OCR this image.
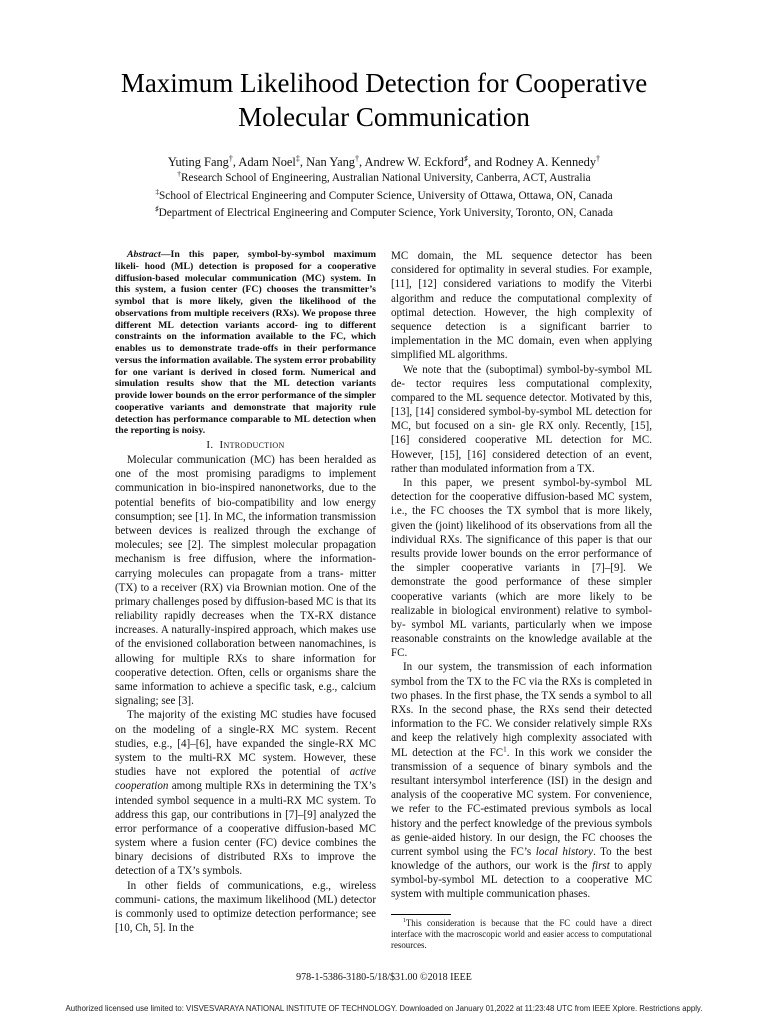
Maximum Likelihood Detection for Cooperative
Molecular Communication
Yuting Fang†, Adam Noel‡, Nan Yang†, Andrew W. Eckford♯, and Rodney A. Kennedy†
†Research School of Engineering, Australian National University, Canberra, ACT, Australia
‡School of Electrical Engineering and Computer Science, University of Ottawa, Ottawa, ON, Canada
♯Department of Electrical Engineering and Computer Science, York University, Toronto, ON, Canada

Abstract—In this paper, symbol-by-symbol maximum likeli- hood (ML) detection is proposed for a cooperative diffusion-based molecular communication (MC) system. In this system, a fusion center (FC) chooses the transmitter’s symbol that is more likely, given the likelihood of the observations from multiple receivers (RXs). We propose three different ML detection variants accord- ing to different constraints on the information available to the FC, which enables us to demonstrate trade-offs in their performance versus the information available. The system error probability for one variant is derived in closed form. Numerical and simulation results show that the ML detection variants provide lower bounds on the error performance of the simpler cooperative variants and demonstrate that majority rule detection has performance comparable to ML detection when the reporting is noisy.

I. Introduction

Molecular communication (MC) has been heralded as one of the most promising paradigms to implement communication in bio-inspired nanonetworks, due to the potential benefits of bio-compatibility and low energy consumption; see [1]. In MC, the information transmission between devices is realized through the exchange of molecules; see [2]. The simplest molecular propagation mechanism is free diffusion, where the information-carrying molecules can propagate from a trans- mitter (TX) to a receiver (RX) via Brownian motion. One of the primary challenges posed by diffusion-based MC is that its reliability rapidly decreases when the TX-RX distance increases. A naturally-inspired approach, which makes use of the envisioned collaboration between nanomachines, is allowing for multiple RXs to share information for cooperative detection. Often, cells or organisms share the same information to achieve a specific task, e.g., calcium signaling; see [3].

The majority of the existing MC studies have focused on the modeling of a single-RX MC system. Recent studies, e.g., [4]–[6], have expanded the single-RX MC system to the multi-RX MC system. However, these studies have not explored the potential of active cooperation among multiple RXs in determining the TX’s intended symbol sequence in a multi-RX MC system. To address this gap, our contributions in [7]–[9] analyzed the error performance of a cooperative diffusion-based MC system where a fusion center (FC) device combines the binary decisions of distributed RXs to improve the detection of a TX’s symbols.

In other fields of communications, e.g., wireless communi- cations, the maximum likelihood (ML) detector is commonly used to optimize detection performance; see [10, Ch, 5]. In the

MC domain, the ML sequence detector has been considered for optimality in several studies. For example, [11], [12] considered variations to modify the Viterbi algorithm and reduce the computational complexity of optimal detection. However, the high complexity of sequence detection is a significant barrier to implementation in the MC domain, even when applying simplified ML algorithms.

We note that the (suboptimal) symbol-by-symbol ML de- tector requires less computational complexity, compared to the ML sequence detector. Motivated by this, [13], [14] considered symbol-by-symbol ML detection for MC, but focused on a sin- gle RX only. Recently, [15], [16] considered cooperative ML detection for MC. However, [15], [16] considered detection of an event, rather than modulated information from a TX.

In this paper, we present symbol-by-symbol ML detection for the cooperative diffusion-based MC system, i.e., the FC chooses the TX symbol that is more likely, given the (joint) likelihood of its observations from all the individual RXs. The significance of this paper is that our results provide lower bounds on the error performance of the simpler cooperative variants in [7]–[9]. We demonstrate the good performance of these simpler cooperative variants (which are more likely to be realizable in biological environment) relative to symbol-by- symbol ML variants, particularly when we impose reasonable constraints on the knowledge available at the FC.

In our system, the transmission of each information symbol from the TX to the FC via the RXs is completed in two phases. In the first phase, the TX sends a symbol to all RXs. In the second phase, the RXs send their detected information to the FC. We consider relatively simple RXs and keep the relatively high complexity associated with ML detection at the $FC^1$. In this work we consider the transmission of a sequence of binary symbols and the resultant intersymbol interference (ISI) in the design and analysis of the cooperative MC system. For convenience, we refer to the FC-estimated previous symbols as local history and the perfect knowledge of the previous symbols as genie-aided history. In our design, the FC chooses the current symbol using the FC’s local history. To the best knowledge of the authors, our work is the first to apply symbol-by-symbol ML detection to a cooperative MC system with multiple communication phases.

$^1$This consideration is because that the FC could have a direct interface with the macroscopic world and easier access to computational resources.

978-1-5386-3180-5/18/$31.00 ©2018 IEEE
Authorized licensed use limited to: VISVESVARAYA NATIONAL INSTITUTE OF TECHNOLOGY. Downloaded on January 01,2022 at 11:23:48 UTC from IEEE Xplore. Restrictions apply.
